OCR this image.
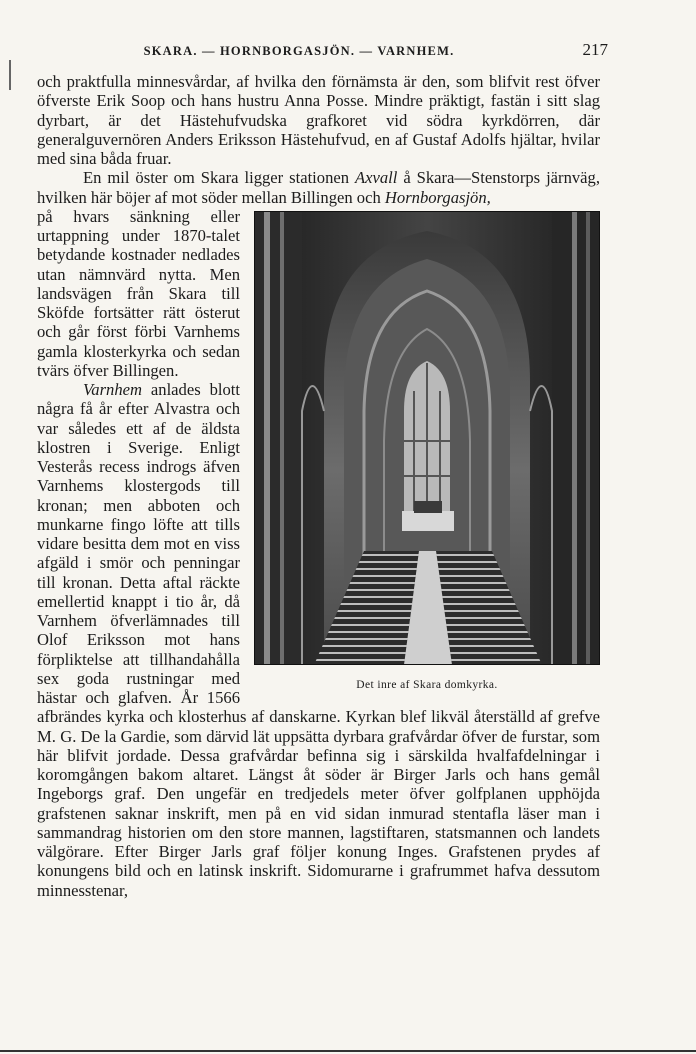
SKARA. — HORNBORGASJÖN. — VARNHEM.	217

och praktfulla minnesvårdar, af hvilka den förnämsta är den, som blifvit rest öfver öfverste Erik Soop och hans hustru Anna Posse. Mindre präktigt, fastän i sitt slag dyrbart, är det Hästehufvudska grafkoret vid södra kyrkdörren, där generalguvernören Anders Eriksson Hästehufvud, en af Gustaf Adolfs hjältar, hvilar med sina båda fruar.

En mil öster om Skara ligger stationen Axvall å Skara—Stenstorps järnväg, hvilken här böjer af mot söder mellan Billingen och Hornborgasjön,

Det inre af Skara domkyrka.
på hvars sänkning eller urtappning under 1870-talet betydande kostnader nedlades utan nämnvärd nytta. Men landsvägen från Skara till Sköfde fortsätter rätt österut och går först förbi Varnhems gamla klosterkyrka och sedan tvärs öfver Billingen.

Varnhem anlades blott några få år efter Alvastra och var således ett af de äldsta klostren i Sverige. Enligt Vesterås recess indrogs äfven Varnhems klostergods till kronan; men abboten och munkarne fingo löfte att tills vidare besitta dem mot en viss afgäld i smör och penningar till kronan. Detta aftal räckte emellertid knappt i tio år, då Varnhem öfverlämnades till Olof Eriksson mot hans förpliktelse att tillhandahålla sex goda rustningar med hästar och glafven. År 1566 afbrändes kyrka och klosterhus af danskarne. Kyrkan blef likväl återställd af grefve M. G. De la Gardie, som därvid lät uppsätta dyrbara grafvårdar öfver de furstar, som här blifvit jordade. Dessa grafvårdar befinna sig i särskilda hvalfafdelningar i koromgången bakom altaret. Längst åt söder är Birger Jarls och hans gemål Ingeborgs graf. Den ungefär en tredjedels meter öfver golfplanen upphöjda grafstenen saknar inskrift, men på en vid sidan inmurad stentafla läser man i sammandrag historien om den store mannen, lagstiftaren, statsmannen och landets välgörare. Efter Birger Jarls graf följer konung Inges. Grafstenen prydes af konungens bild och en latinsk inskrift. Sidomurarne i grafrummet hafva dessutom minnesstenar,
